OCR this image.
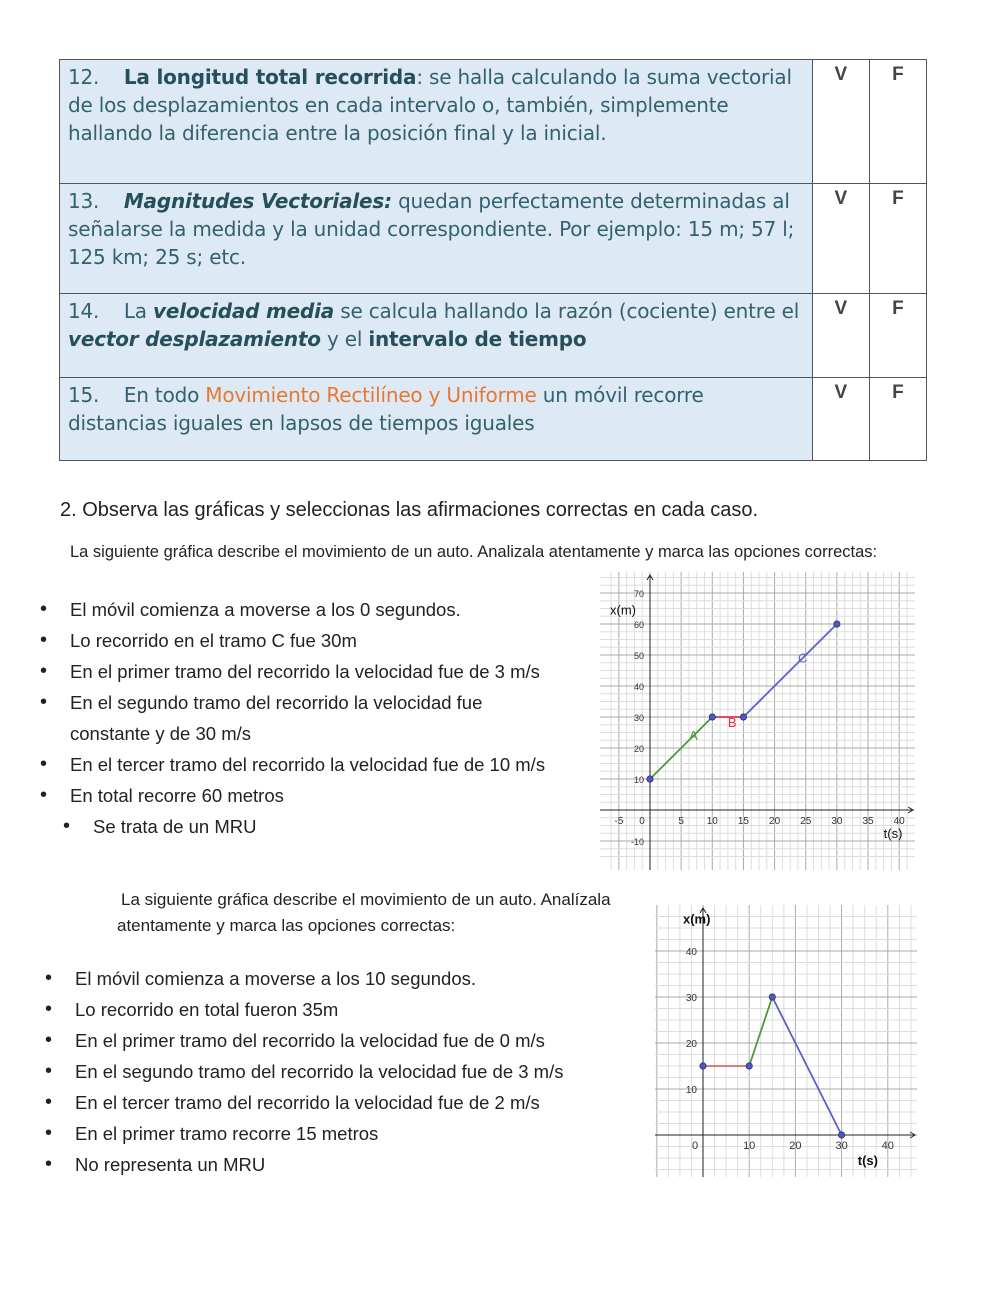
12. La longitud total recorrida: se halla calculando la suma vectorial de los desplazamientos en cada intervalo o, también, simplemente hallando la diferencia entre la posición final y la inicial.	V	F
13. Magnitudes Vectoriales: quedan perfectamente determinadas al señalarse la medida y la unidad correspondiente. Por ejemplo: 15 m; 57 l; 125 km; 25 s; etc.	V	F
14. La velocidad media se calcula hallando la razón (cociente) entre el vector desplazamiento y el intervalo de tiempo	V	F
15. En todo Movimiento Rectilíneo y Uniforme un móvil recorre distancias iguales en lapsos de tiempos iguales	V	F
2. Observa las gráficas y seleccionas las afirmaciones correctas en cada caso.
La siguiente gráfica describe el movimiento de un auto. Analizala atentamente y marca las opciones correctas:
• El móvil comienza a moverse a los 0 segundos.
• Lo recorrido en el tramo C fue 30m
• En el primer tramo del recorrido la velocidad fue de 3 m/s
• En el segundo tramo del recorrido la velocidad fue
constante y de 30 m/s
• En el tercer tramo del recorrido la velocidad fue de 10 m/s
• En total recorre 60 metros
• Se trata de un MRU	-5 0	5 10 15 20 25 30 35 40
-10
10
20
30
40
50
60
70
x(m)
t(s)
A
B
C
La siguiente gráfica describe el movimiento de un auto. Analízala
atentamente y marca las opciones correctas:
• El móvil comienza a moverse a los 10 segundos.
• Lo recorrido en total fueron 35m
• En el primer tramo del recorrido la velocidad fue de 0 m/s
• En el segundo tramo del recorrido la velocidad fue de 3 m/s
• En el tercer tramo del recorrido la velocidad fue de 2 m/s
• En el primer tramo recorre 15 metros
• No representa un MRU
0	10	20	30	40
10
20
30
40
x(m)
t(s)
